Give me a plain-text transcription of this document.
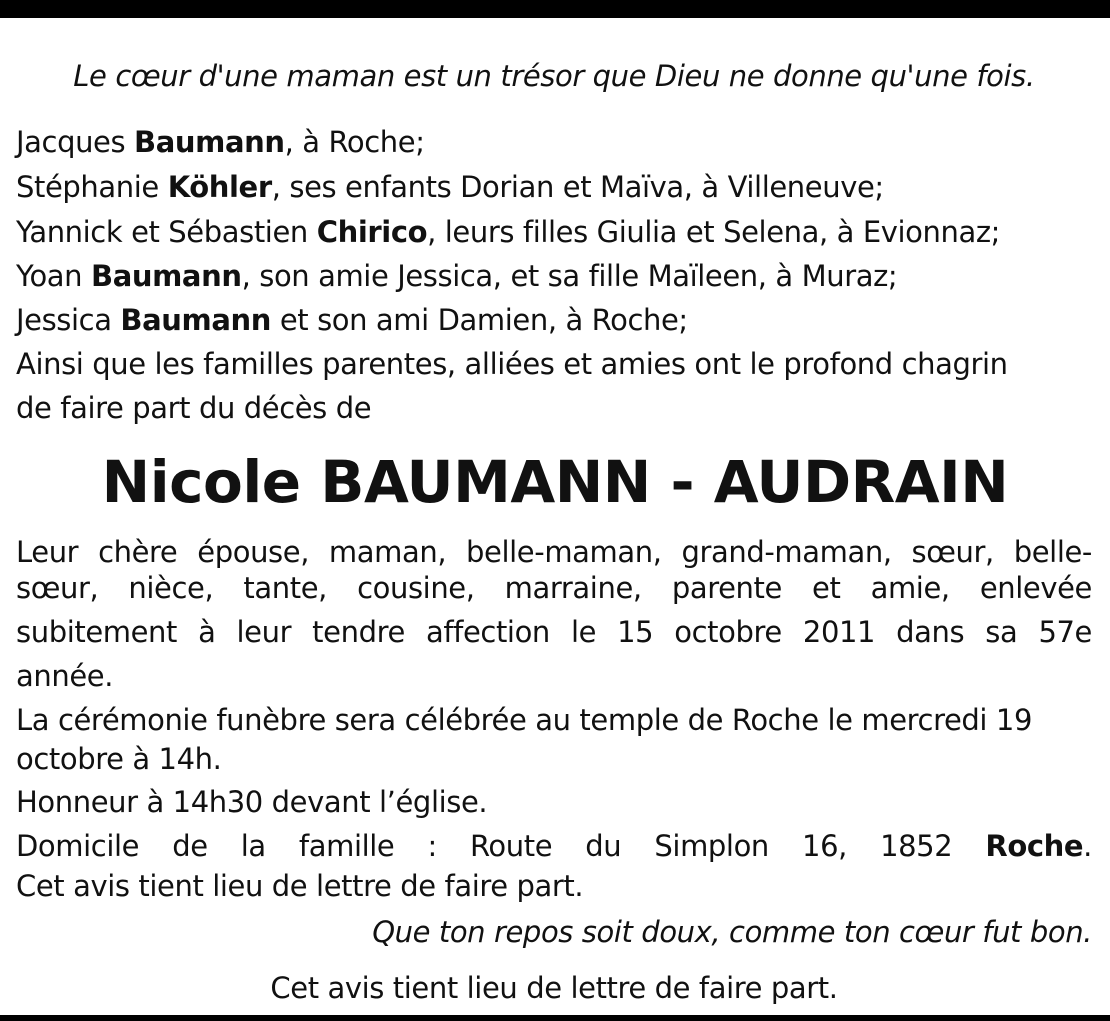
Le cœur d'une maman est un trésor que Dieu ne donne qu'une fois.
Jacques Baumann, à Roche;
Stéphanie Köhler, ses enfants Dorian et Maïva, à Villeneuve;
Yannick et Sébastien Chirico, leurs filles Giulia et Selena, à Evionnaz;
Yoan Baumann, son amie Jessica, et sa fille Maïleen, à Muraz;
Jessica Baumann et son ami Damien, à Roche;
Ainsi que les familles parentes, alliées et amies ont le profond chagrin
de faire part du décès de
Nicole BAUMANN - AUDRAIN
Leur chère épouse, maman, belle-maman, grand-maman, sœur, belle-
sœur, nièce, tante, cousine, marraine, parente et amie, enlevée
subitement à leur tendre affection le 15 octobre 2011 dans sa 57e
année.
La cérémonie funèbre sera célébrée au temple de Roche le mercredi 19
octobre à 14h.
Honneur à 14h30 devant l’église.
Domicile de la famille : Route du Simplon 16, 1852 Roche.
Cet avis tient lieu de lettre de faire part.
Que ton repos soit doux, comme ton cœur fut bon.
Cet avis tient lieu de lettre de faire part.
